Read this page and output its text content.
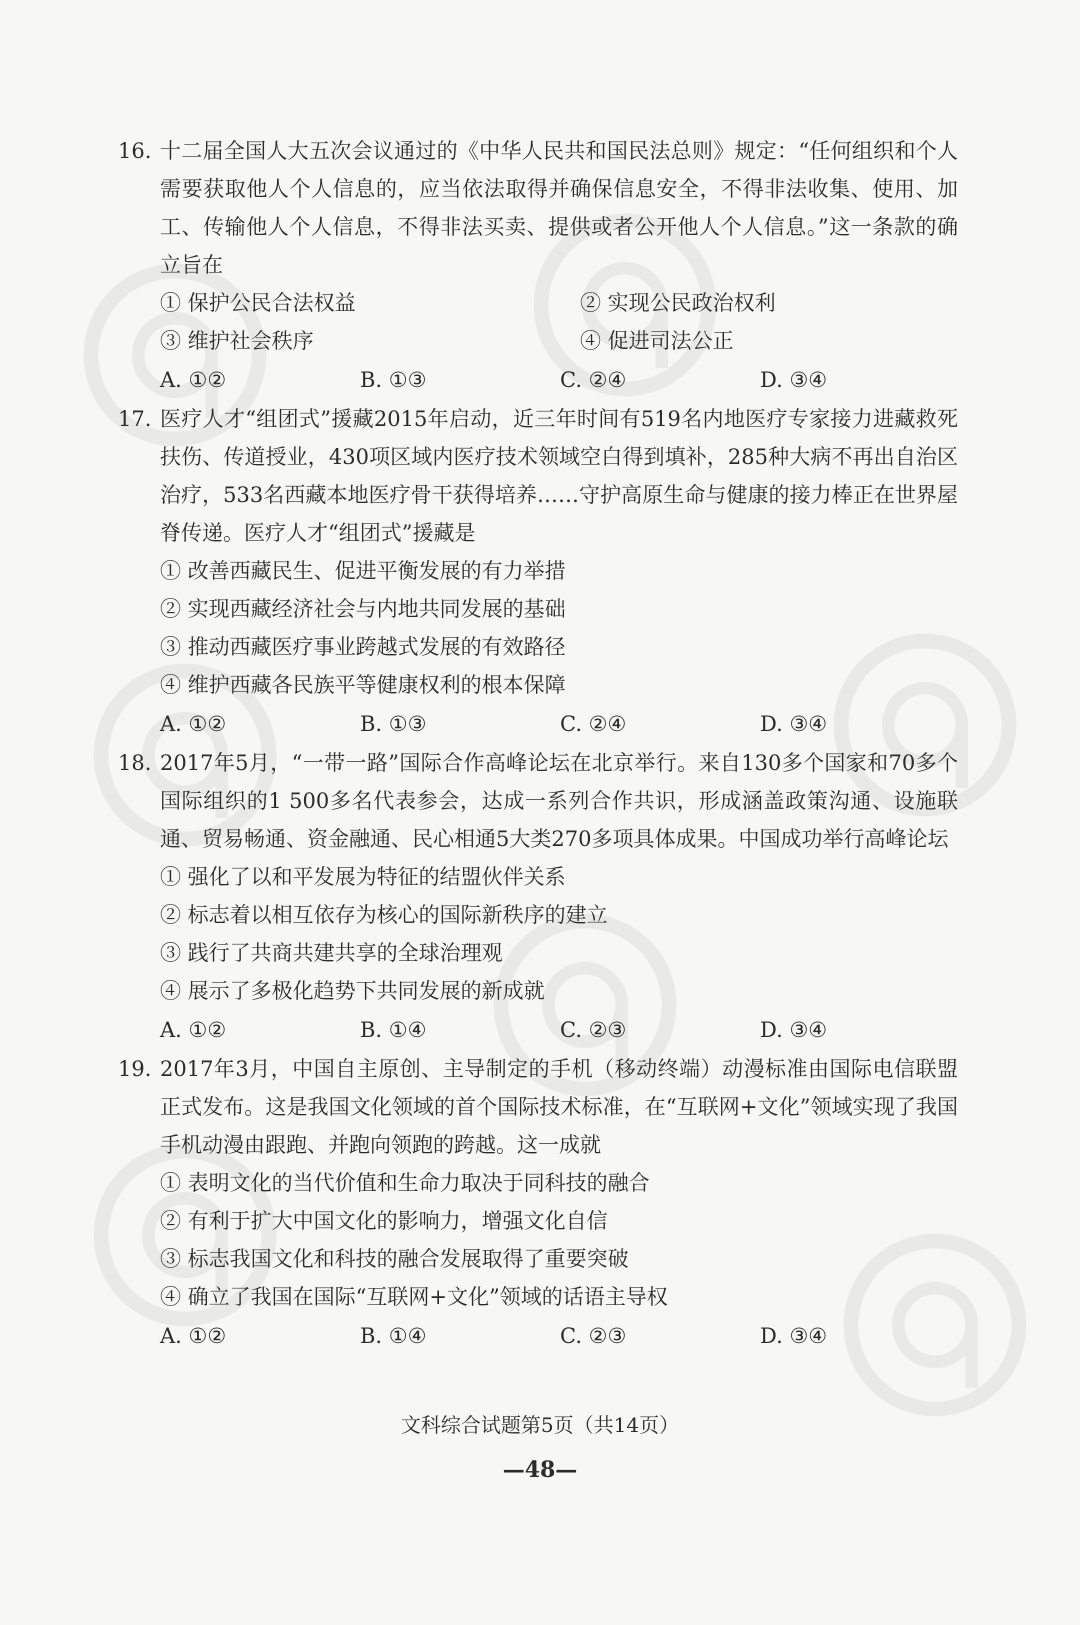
16. 十二届全国人大五次会议通过的《中华人民共和国民法总则》规定：“任何组织和个人需要获取他人个人信息的，应当依法取得并确保信息安全，不得非法收集、使用、加工、传输他人个人信息，不得非法买卖、提供或者公开他人个人信息。”这一条款的确立旨在
① 保护公民合法权益	② 实现公民政治权利
③ 维护社会秩序	④ 促进司法公正
A. ①②	B. ①③	C. ②④	D. ③④
17. 医疗人才“组团式”援藏2015年启动，近三年时间有519名内地医疗专家接力进藏救死扶伤、传道授业，430项区域内医疗技术领域空白得到填补，285种大病不再出自治区治疗，533名西藏本地医疗骨干获得培养……守护高原生命与健康的接力棒正在世界屋脊传递。医疗人才“组团式”援藏是
① 改善西藏民生、促进平衡发展的有力举措
② 实现西藏经济社会与内地共同发展的基础
③ 推动西藏医疗事业跨越式发展的有效路径
④ 维护西藏各民族平等健康权利的根本保障
A. ①②	B. ①③	C. ②④	D. ③④
18. 2017年5月，“一带一路”国际合作高峰论坛在北京举行。来自130多个国家和70多个国际组织的1 500多名代表参会，达成一系列合作共识，形成涵盖政策沟通、设施联通、贸易畅通、资金融通、民心相通5大类270多项具体成果。中国成功举行高峰论坛
① 强化了以和平发展为特征的结盟伙伴关系
② 标志着以相互依存为核心的国际新秩序的建立
③ 践行了共商共建共享的全球治理观
④ 展示了多极化趋势下共同发展的新成就
A. ①②	B. ①④	C. ②③	D. ③④
19. 2017年3月，中国自主原创、主导制定的手机（移动终端）动漫标准由国际电信联盟正式发布。这是我国文化领域的首个国际技术标准，在“互联网+文化”领域实现了我国手机动漫由跟跑、并跑向领跑的跨越。这一成就
① 表明文化的当代价值和生命力取决于同科技的融合
② 有利于扩大中国文化的影响力，增强文化自信
③ 标志我国文化和科技的融合发展取得了重要突破
④ 确立了我国在国际“互联网+文化”领域的话语主导权
A. ①②	B. ①④	C. ②③	D. ③④
文科综合试题第5页（共14页）
—48—
